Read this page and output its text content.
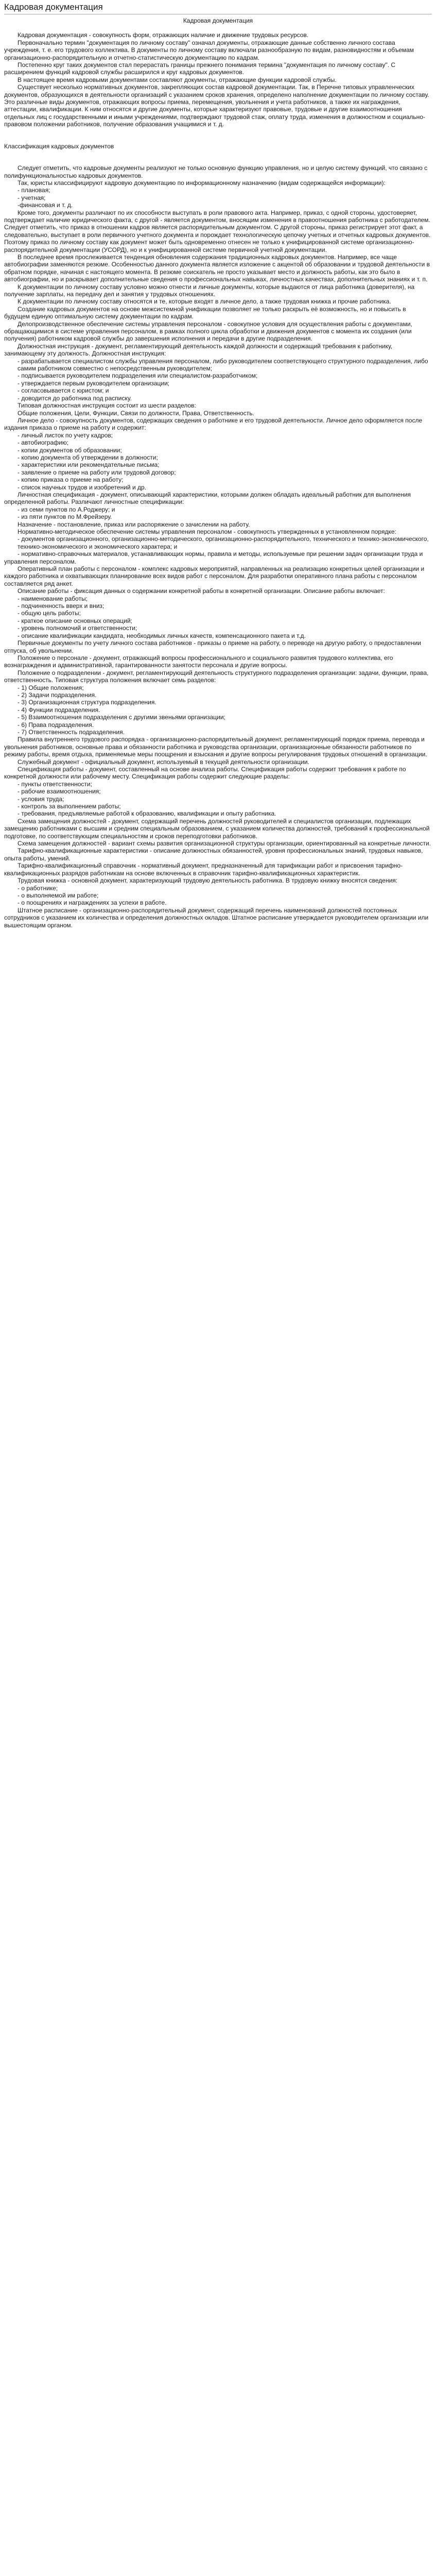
Кадровая документация

Кадровая документация

Кадровая документация - совокупность форм, отражающих наличие и движение трудовых ресурсов.

Первоначально термин "документация по личному составу" означал документы, отражающие данные собственно личного состава учреждения, т. е. его трудового коллектива. В документы по личному составу включали разнообразную по видам, разновидностям и объемам организационно-распорядительную и отчетно-статистическую документацию по кадрам.

Постепенно круг таких документов стал перерастать границы прежнего понимания термина "документация по личному составу". С расширением функций кадровой службы расширился и круг кадровых документов.

В настоящее время кадровыми документами составляют документы, отражающие функции кадровой службы.

Существует несколько нормативных документов, закрепляющих состав кадровой документации. Так, в Перечне типовых управленческих документов, образующихся в деятельности организаций с указанием сроков хранения, определено наполнение документации по личному составу. Это различные виды документов, отражающих вопросы приема, перемещения, увольнения и учета работников, а также их награждения, аттестации, квалификации. К ним относятся и другие документы, которые характеризуют правовые, трудовые и другие взаимоотношения отдельных лиц с государственными и иными учреждениями, подтверждают трудовой стаж, оплату труда, изменения в должностном и социально-правовом положении работников, получение образования учащимися и т. д.

Классификация кадровых документов

Следует отметить, что кадровые документы реализуют не только основную функцию управления, но и целую систему функций, что связано с полифункциональностью кадровых документов.

Так, юристы классифицируют кадровую документацию по информационному назначению (видам содержащейся информации):

- плановая;

- учетная;

-финансовая и т. д.

Кроме того, документы различают по их способности выступать в роли правового акта. Например, приказ, с одной стороны, удостоверяет, подтверждает наличие юридического факта, с другой - является документом, вносящим изменения в правоотношения работника с работодателем. Следует отметить, что приказ в отношении кадров является распорядительным документом. С другой стороны, приказ регистрирует этот факт, а следовательно, выступает в роли первичного учетного документа и порождает технологическую цепочку учетных и отчетных кадровых документов. Поэтому приказ по личному составу как документ может быть одновременно отнесен не только к унифицированной системе организационно-распорядительной документации (УСОРД), но и к унифицированной системе первичной учетной документации.

В последнее время прослеживается тенденция обновления содержания традиционных кадровых документов. Например, все чаще автобиографии заменяются резюме. Особенностью данного документа является изложение с акцентой об образовании и трудовой деятельности в обратном порядке, начиная с настоящего момента. В резюме соискатель не просто указывает место и должность работы, как это было в автобиографии, но и раскрывает дополнительные сведения о профессиональных навыках, личностных качествах, дополнительных знаниях и т. п.

К документации по личному составу условно можно отнести и личные документы, которые выдаются от лица работника (доверителя), на получение зарплаты, на передачу дел и занятия у трудовых отношениях.

К документации по личному составу относятся и те, которые входят в личное дело, а также трудовая книжка и прочие работника.

Создание кадровых документов на основе межсистемной унификации позволяет не только раскрыть её возможность, но и повысить в будущем единую оптимальную систему документации по кадрам.

Делопроизводственное обеспечение системы управления персоналом - совокупное условия для осуществления работы с документами, обращающимися в системе управления персоналом, в рамках полного цикла обработки и движения документов с момента их создания (или получения) работником кадровой службы до завершения исполнения и передачи в другие подразделения.

Должностная инструкция - документ, регламентирующий деятельность каждой должности и содержащий требования к работнику, занимающему эту должность. Должностная инструкция:

- разрабатывается специалистом службы управления персоналом, либо руководителем соответствующего структурного подразделения, либо самим работником совместно с непосредственным руководителем;

- подписывается руководителем подразделения или специалистом-разработчиком;

- утверждается первым руководителем организации;

- согласовывается с юристом; и

- доводится до работника под расписку.

Типовая должностная инструкция состоит из шести разделов:

Общие положения, Цели, Функции, Связи по должности, Права, Ответственность.

Личное дело - совокупность документов, содержащих сведения о работнике и его трудовой деятельности. Личное дело оформляется после издания приказа о приеме на работу и содержит:

- личный листок по учету кадров;

- автобиографию;

- копии документов об образовании;

- копию документа об утверждении в должности;

- характеристики или рекомендательные письма;

- заявление о приеме на работу или трудовой договор;

- копию приказа о приеме на работу;

- список научных трудов и изобретений и др.

Личностная спецификация - документ, описывающий характеристики, которыми должен обладать идеальный работник для выполнения определенной работы. Различают личностные спецификации:

- из семи пунктов по А.Роджеру; и

- из пяти пунктов по М.Фрейзеру.

Назначение - постановление, приказ или распоряжение о зачислении на работу.

Нормативно-методическое обеспечение системы управления персоналом - совокупность утвержденных в установленном порядке:

- документов организационного, организационно-методического, организационно-распорядительного, технического и технико-экономического, технико-экономического и экономического характера; и

- нормативно-справочных материалов, устанавливающих нормы, правила и методы, используемые при решении задач организации труда и управления персоналом.

Оперативный план работы с персоналом - комплекс кадровых мероприятий, направленных на реализацию конкретных целей организации и каждого работника и охватывающих планирование всех видов работ с персоналом. Для разработки оперативного плана работы с персоналом составляется ряд анкет.

Описание работы - фиксация данных о содержании конкретной работы в конкретной организации. Описание работы включает:

- наименование работы;

- подчиненность вверх и вниз;

- общую цель работы;

- краткое описание основных операций;

- уровень полномочий и ответственности;

- описание квалификации кандидата, необходимых личных качеств, компенсационного пакета и т.д.

Первичные документы по учету личного состава работников - приказы о приеме на работу, о переводе на другую работу, о предоставлении отпуска, об увольнении.

Положение о персонале - документ, отражающий вопросы профессионального и социального развития трудового коллектива, его вознаграждения и административной, гарантированности занятости персонала и другие вопросы.

Положение о подразделении - документ, регламентирующий деятельность структурного подразделения организации: задачи, функции, права, ответственность. Типовая структура положения включает семь разделов:

- 1) Общие положения;

- 2) Задачи подразделения.

- 3) Организационная структура подразделения.

- 4) Функции подразделения.

- 5) Взаимоотношения подразделения с другими звеньями организации;

- 6) Права подразделения.

- 7) Ответственность подразделения.

Правила внутреннего трудового распорядка - организационно-распорядительный документ, регламентирующий порядок приема, перевода и увольнения работников, основные права и обязанности работника и руководства организации, организационные обязанности работников по режиму работы, время отдыха, применяемые меры поощрения и взыскания и другие вопросы регулирования трудовых отношений в организации.

Служебный документ - официальный документ, используемый в текущей деятельности организации.

Спецификация работы - документ, составленный на основе анализа работы. Спецификация работы содержит требования к работе по конкретной должности или рабочему месту. Спецификация работы содержит следующие разделы:

- пункты ответственности;

- рабочие взаимоотношения;

- условия труда;

- контроль за выполнением работы;

- требования, предъявляемые работой к образованию, квалификации и опыту работника.

Схема замещения должностей - документ, содержащий перечень должностей руководителей и специалистов организации, подлежащих замещению работниками с высшим и средним специальным образованием, с указанием количества должностей, требований к профессиональной подготовке, по соответствующим специальностям и сроков переподготовки работников.

Схема замещения должностей - вариант схемы развития организационной структуры организации, ориентированный на конкретные личности.

Тарифно-квалификационные характеристики - описание должностных обязанностей, уровня профессиональных знаний, трудовых навыков, опыта работы, умений.

Тарифно-квалификационный справочник - нормативный документ, предназначенный для тарификации работ и присвоения тарифно-квалификационных разрядов работникам на основе включенных в справочник тарифно-квалификационных характеристик.

Трудовая книжка - основной документ, характеризующий трудовую деятельность работника. В трудовую книжку вносятся сведения:

- о работнике;

- о выполняемой им работе;

- о поощрениях и награждениях за успехи в работе.

Штатное расписание - организационно-распорядительный документ, содержащий перечень наименований должностей постоянных сотрудников с указанием их количества и определения должностных окладов. Штатное расписание утверждается руководителем организации или вышестоящим органом.
